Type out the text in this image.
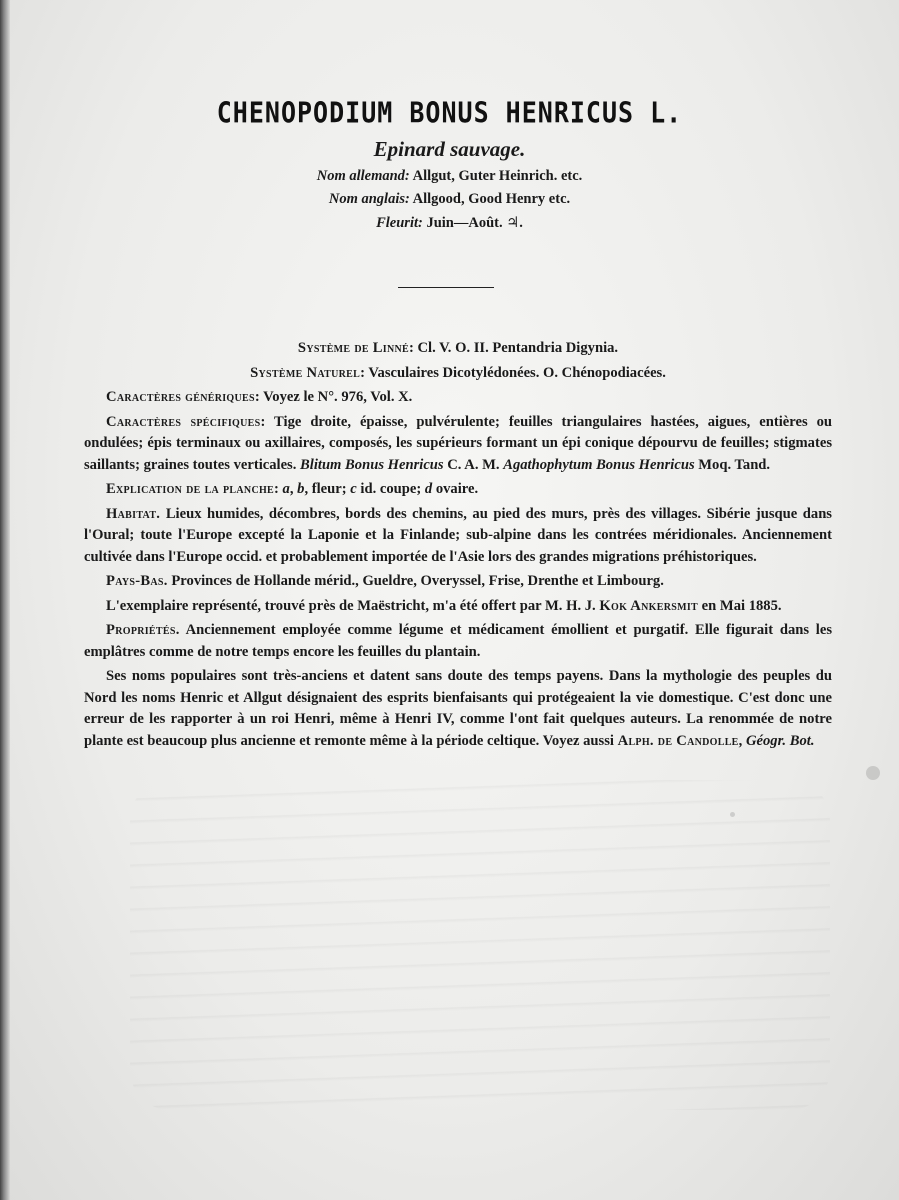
CHENOPODIUM BONUS HENRICUS L.
Epinard sauvage.
Nom allemand: Allgut, Guter Heinrich. etc.
Nom anglais: Allgood, Good Henry etc.
Fleurit: Juin—Août. ♃.

Système de Linné: Cl. V. O. II. Pentandria Digynia.

Système Naturel: Vasculaires Dicotylédonées. O. Chénopodiacées.

Caractères génériques: Voyez le N°. 976, Vol. X.

Caractères spécifiques: Tige droite, épaisse, pulvérulente; feuilles triangulaires hastées, aigues, entières ou ondulées; épis terminaux ou axillaires, composés, les supérieurs formant un épi conique dépourvu de feuilles; stigmates saillants; graines toutes verticales. Blitum Bonus Henricus C. A. M. Agathophytum Bonus Henricus Moq. Tand.

Explication de la planche: a, b, fleur; c id. coupe; d ovaire.

Habitat. Lieux humides, décombres, bords des chemins, au pied des murs, près des villages. Sibérie jusque dans l'Oural; toute l'Europe excepté la Laponie et la Finlande; sub-alpine dans les contrées méridionales. Anciennement cultivée dans l'Europe occid. et probablement importée de l'Asie lors des grandes migrations préhistoriques.

Pays-Bas. Provinces de Hollande mérid., Gueldre, Overyssel, Frise, Drenthe et Limbourg.

L'exemplaire représenté, trouvé près de Maëstricht, m'a été offert par M. H. J. Kok Ankersmit en Mai 1885.

Propriétés. Anciennement employée comme légume et médicament émollient et purgatif. Elle figurait dans les emplâtres comme de notre temps encore les feuilles du plantain.

Ses noms populaires sont très-anciens et datent sans doute des temps payens. Dans la mythologie des peuples du Nord les noms Henric et Allgut désignaient des esprits bienfaisants qui protégeaient la vie domestique. C'est donc une erreur de les rapporter à un roi Henri, même à Henri IV, comme l'ont fait quelques auteurs. La renommée de notre plante est beaucoup plus ancienne et remonte même à la période celtique. Voyez aussi Alph. de Candolle, Géogr. Bot.
